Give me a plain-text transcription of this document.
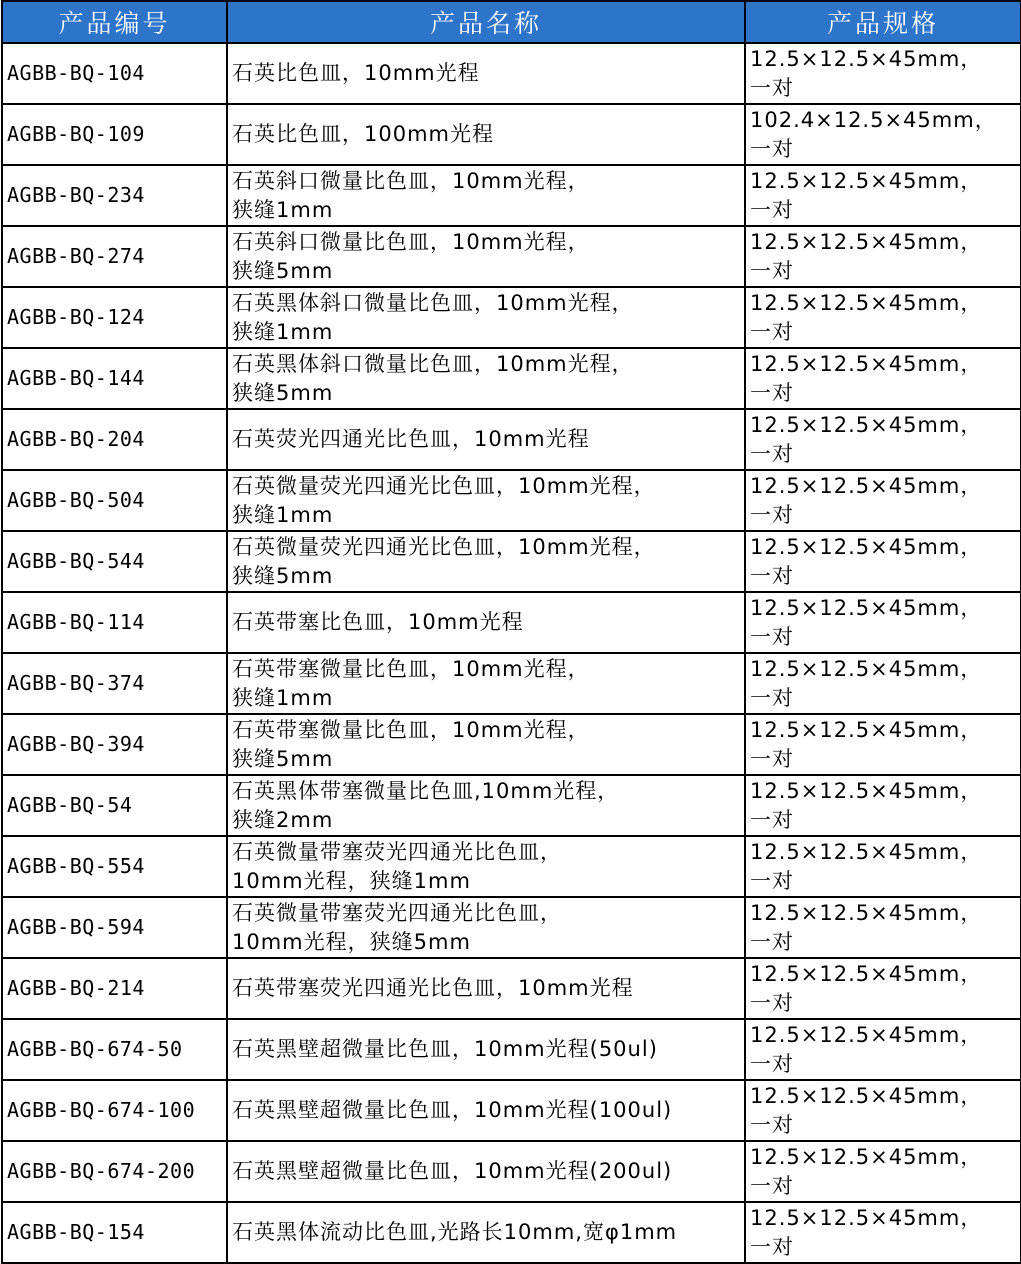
产品编号	产品名称	产品规格
AGBB-BQ-104	石英比色皿，10mm光程	12.5×12.5×45mm，
一对
AGBB-BQ-109	石英比色皿，100mm光程	102.4×12.5×45mm，
一对
AGBB-BQ-234	石英斜口微量比色皿，10mm光程，
狭缝1mm	12.5×12.5×45mm，
一对
AGBB-BQ-274	石英斜口微量比色皿，10mm光程，
狭缝5mm	12.5×12.5×45mm，
一对
AGBB-BQ-124	石英黑体斜口微量比色皿，10mm光程，
狭缝1mm	12.5×12.5×45mm，
一对
AGBB-BQ-144	石英黑体斜口微量比色皿，10mm光程，
狭缝5mm	12.5×12.5×45mm，
一对
AGBB-BQ-204	石英荧光四通光比色皿，10mm光程	12.5×12.5×45mm，
一对
AGBB-BQ-504	石英微量荧光四通光比色皿，10mm光程，
狭缝1mm	12.5×12.5×45mm，
一对
AGBB-BQ-544	石英微量荧光四通光比色皿，10mm光程，
狭缝5mm	12.5×12.5×45mm，
一对
AGBB-BQ-114	石英带塞比色皿，10mm光程	12.5×12.5×45mm，
一对
AGBB-BQ-374	石英带塞微量比色皿，10mm光程，
狭缝1mm	12.5×12.5×45mm，
一对
AGBB-BQ-394	石英带塞微量比色皿，10mm光程，
狭缝5mm	12.5×12.5×45mm，
一对
AGBB-BQ-54	石英黑体带塞微量比色皿,10mm光程，
狭缝2mm	12.5×12.5×45mm，
一对
AGBB-BQ-554	石英微量带塞荧光四通光比色皿，
10mm光程，狭缝1mm	12.5×12.5×45mm，
一对
AGBB-BQ-594	石英微量带塞荧光四通光比色皿，
10mm光程，狭缝5mm	12.5×12.5×45mm，
一对
AGBB-BQ-214	石英带塞荧光四通光比色皿，10mm光程	12.5×12.5×45mm，
一对
AGBB-BQ-674-50	石英黑壁超微量比色皿，10mm光程(50ul)	12.5×12.5×45mm，
一对
AGBB-BQ-674-100	石英黑壁超微量比色皿，10mm光程(100ul)	12.5×12.5×45mm，
一对
AGBB-BQ-674-200	石英黑壁超微量比色皿，10mm光程(200ul)	12.5×12.5×45mm，
一对
AGBB-BQ-154	石英黑体流动比色皿,光路长10mm,宽φ1mm	12.5×12.5×45mm，
一对
